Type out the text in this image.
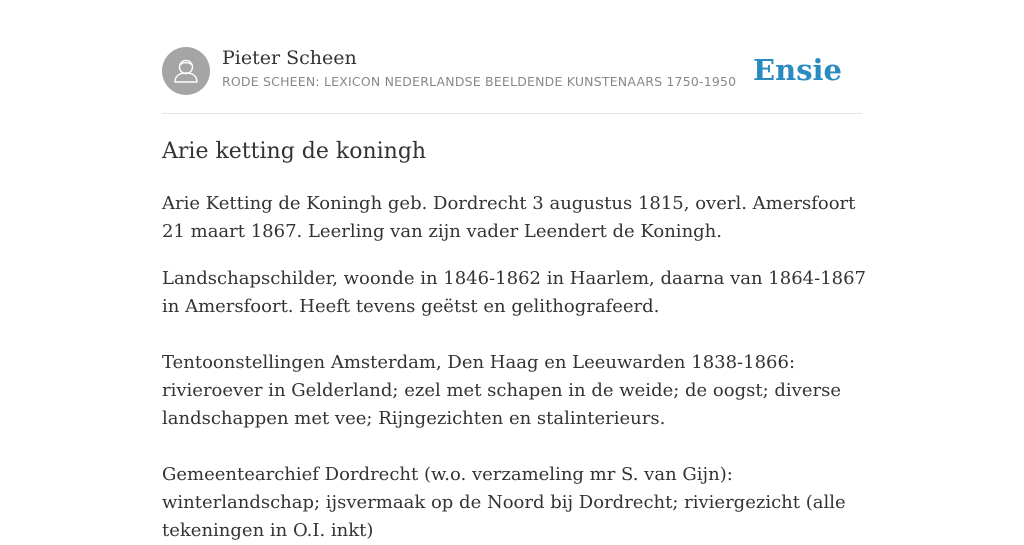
Pieter Scheen
RODE SCHEEN: LEXICON NEDERLANDSE BEELDENDE KUNSTENAARS 1750-1950 Ensie
Arie ketting de koningh

Arie Ketting de Koningh geb. Dordrecht 3 augustus 1815, overl. Amersfoort 21 maart 1867. Leerling van zijn vader Leendert de Koningh.

Landschapschilder, woonde in 1846-1862 in Haarlem, daarna van 1864-1867 in Amersfoort. Heeft tevens geëtst en gelithografeerd.

Tentoonstellingen Amsterdam, Den Haag en Leeuwarden 1838-1866: rivieroever in Gelderland; ezel met schapen in de weide; de oogst; diverse landschappen met vee; Rijngezichten en stalinterieurs.

Gemeentearchief Dordrecht (w.o. verzameling mr S. van Gijn): winterlandschap; ijsvermaak op de Noord bij Dordrecht; riviergezicht (alle tekeningen in O.I. inkt)
